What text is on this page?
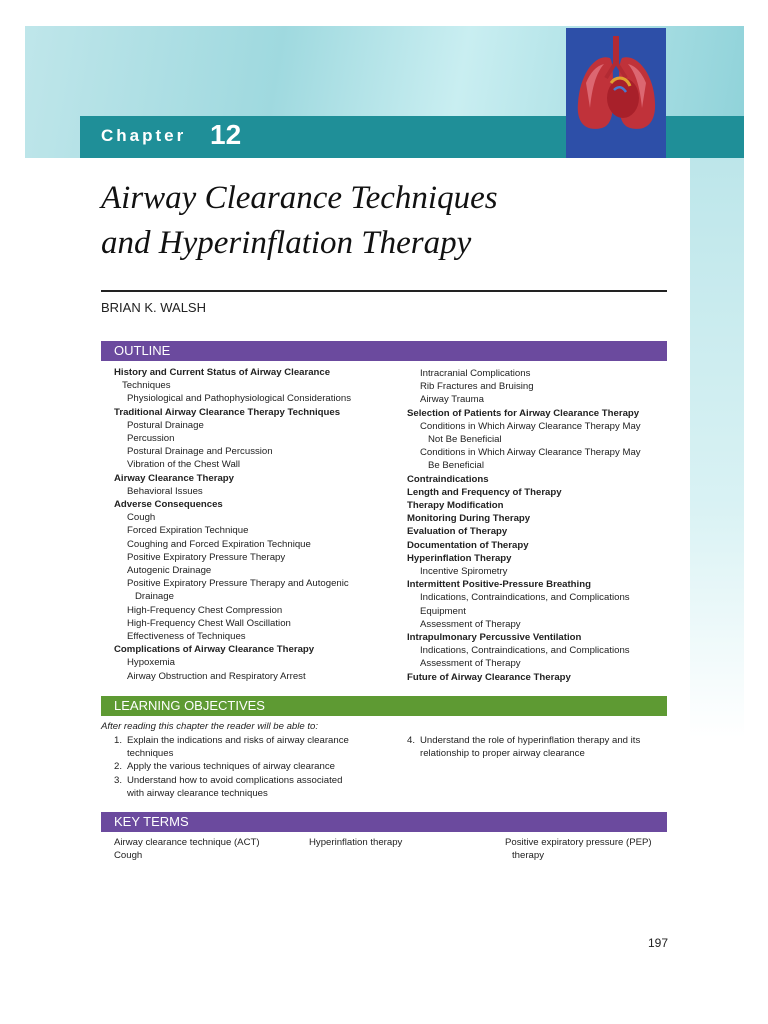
Chapter 12
Airway Clearance Techniques
and Hyperinflation Therapy
BRIAN K. WALSH
OUTLINE
History and Current Status of Airway Clearance
Techniques
Physiological and Pathophysiological Considerations
Traditional Airway Clearance Therapy Techniques
Postural Drainage
Percussion
Postural Drainage and Percussion
Vibration of the Chest Wall
Airway Clearance Therapy
Behavioral Issues
Adverse Consequences
Cough
Forced Expiration Technique
Coughing and Forced Expiration Technique
Positive Expiratory Pressure Therapy
Autogenic Drainage
Positive Expiratory Pressure Therapy and Autogenic
Drainage
High-Frequency Chest Compression
High-Frequency Chest Wall Oscillation
Effectiveness of Techniques
Complications of Airway Clearance Therapy
Hypoxemia
Airway Obstruction and Respiratory Arrest
Intracranial Complications
Rib Fractures and Bruising
Airway Trauma
Selection of Patients for Airway Clearance Therapy
Conditions in Which Airway Clearance Therapy May
Not Be Beneficial
Conditions in Which Airway Clearance Therapy May
Be Beneficial
Contraindications
Length and Frequency of Therapy
Therapy Modification
Monitoring During Therapy
Evaluation of Therapy
Documentation of Therapy
Hyperinflation Therapy
Incentive Spirometry
Intermittent Positive-Pressure Breathing
Indications, Contraindications, and Complications
Equipment
Assessment of Therapy
Intrapulmonary Percussive Ventilation
Indications, Contraindications, and Complications
Assessment of Therapy
Future of Airway Clearance Therapy
LEARNING OBJECTIVES
After reading this chapter the reader will be able to:
1. Explain the indications and risks of airway clearance
techniques
2. Apply the various techniques of airway clearance
3. Understand how to avoid complications associated
with airway clearance techniques
4. Understand the role of hyperinflation therapy and its
relationship to proper airway clearance
KEY TERMS
Airway clearance technique (ACT)
Cough
Hyperinflation therapy	Positive expiratory pressure (PEP)
therapy
197
